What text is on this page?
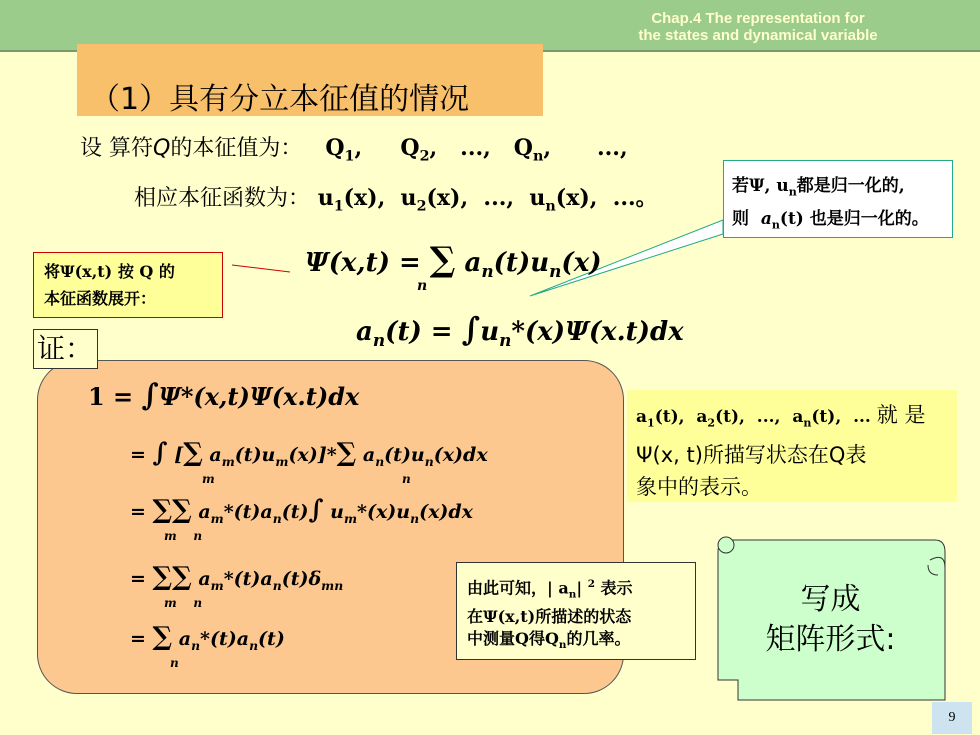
Chap.4 The representation for
the states and dynamical variable
（1）具有分立本征值的情况
设 算符Q的本征值为：   $Q_1$,     $Q_2$,   ...,   $Q_n$,      ...,
相应本征函数为： $u_1(x)$,  $u_2(x)$,  ...,  $u_n(x)$,  ...。	若Ψ, $u_n$都是归一化的,
则  $a_n(t)$ 也是归一化的。
将Ψ(x,t) 按 Q 的
本征函数展开：
Ψ(x,t) = ∑ $a_n(t)u_n(x)$
n
$a_n(t) = \int u_n*(x)\Psi(x.t)dx$
证：
1 = ∫Ψ*(x,t)Ψ(x.t)dx
= ∫ [∑ $a_m(t)u_m(x)]*\sum$ $a_n(t)u_n(x)dx$
m	n
= ∑∑ $a_m*(t)a_n(t)\int$ $u_m*(x)u_n(x)dx$
m    n
= ∑∑ $a_m*(t)a_n(t)\delta_{mn}$
m    n
= ∑ $a_n*(t)a_n(t)$
n
$a_1(t)$,  $a_2(t)$,  ...,  $a_n(t)$,  ... 就 是
Ψ(x, t)所描写状态在Q表
象中的表示。
由此可知，| $a_n|$ $^2$ 表示
在Ψ(x,t)所描述的状态
中测量Q得$Q_n$的几率。
写成
矩阵形式:
9
